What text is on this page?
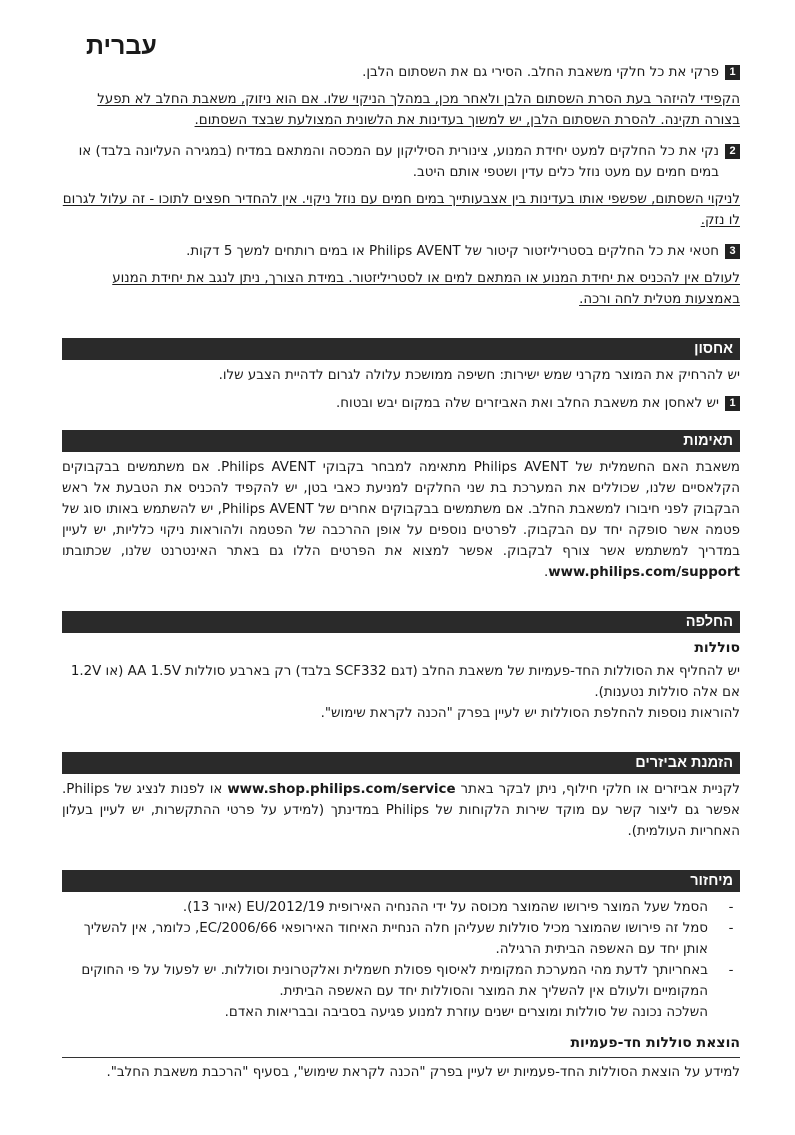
עברית
1
פרקי את כל חלקי משאבת החלב. הסירי גם את השסתום הלבן.

הקפידי להיזהר בעת הסרת השסתום הלבן ולאחר מכן, במהלך הניקוי שלו. אם הוא ניזוק, משאבת החלב לא תפעל בצורה תקינה. להסרת השסתום הלבן, יש למשוך בעדינות את הלשונית המצולעת שבצד השסתום.

2
נקי את כל החלקים למעט יחידת המנוע, צינורית הסיליקון עם המכסה והמתאם במדיח (במגירה העליונה בלבד) או במים חמים עם מעט נוזל כלים עדין ושטפי אותם היטב.

לניקוי השסתום, שפשפי אותו בעדינות בין אצבעותייך במים חמים עם נוזל ניקוי. אין להחדיר חפצים לתוכו - זה עלול לגרום לו נזק.

3
חטאי את כל החלקים בסטריליזטור קיטור של Philips AVENT או במים רותחים למשך 5 דקות.

לעולם אין להכניס את יחידת המנוע או המתאם למים או לסטריליזטור. במידת הצורך, ניתן לנגב את יחידת המנוע באמצעות מטלית לחה ורכה.

אחסון

יש להרחיק את המוצר מקרני שמש ישירות: חשיפה ממושכת עלולה לגרום לדהיית הצבע שלו.

1
יש לאחסן את משאבת החלב ואת האביזרים שלה במקום יבש ובטוח.
תאימות

משאבת האם החשמלית של Philips AVENT מתאימה למבחר בקבוקי Philips AVENT. אם משתמשים בבקבוקים הקלאסיים שלנו, שכוללים את המערכת בת שני החלקים למניעת כאבי בטן, יש להקפיד להכניס את הטבעת אל ראש הבקבוק לפני חיבורו למשאבת החלב. אם משתמשים בבקבוקים אחרים של Philips AVENT, יש להשתמש באותו סוג של פטמה אשר סופקה יחד עם הבקבוק. לפרטים נוספים על אופן ההרכבה של הפטמה ולהוראות ניקוי כלליות, יש לעיין במדריך למשתמש אשר צורף לבקבוק. אפשר למצוא את הפרטים הללו גם באתר האינטרנט שלנו, שכתובתו www.philips.com/support.

החלפה
סוללות

יש להחליף את הסוללות החד-פעמיות של משאבת החלב (דגם SCF332 בלבד) רק בארבע סוללות AA 1.5V (או 1.2V אם אלה סוללות נטענות).

להוראות נוספות להחלפת הסוללות יש לעיין בפרק "הכנה לקראת שימוש".

הזמנת אביזרים

לקניית אביזרים או חלקי חילוף, ניתן לבקר באתר www.shop.philips.com/service או לפנות לנציג של Philips. אפשר גם ליצור קשר עם מוקד שירות הלקוחות של Philips במדינתך (למידע על פרטי ההתקשרות, יש לעיין בעלון האחריות העולמית).

מיחזור
-
הסמל שעל המוצר פירושו שהמוצר מכוסה על ידי ההנחיה האירופית EU/2012/19 (איור 13).
-
סמל זה פירושו שהמוצר מכיל סוללות שעליהן חלה הנחיית האיחוד האירופאי 2006/66/EC, כלומר, אין להשליך אותן יחד עם האשפה הביתית הרגילה.
-
באחריותך לדעת מהי המערכת המקומית לאיסוף פסולת חשמלית ואלקטרונית וסוללות. יש לפעול על פי החוקים המקומיים ולעולם אין להשליך את המוצר והסוללות יחד עם האשפה הביתית.

השלכה נכונה של סוללות ומוצרים ישנים עוזרת למנוע פגיעה בסביבה ובבריאות האדם.

הוצאת סוללות חד-פעמיות

למידע על הוצאת הסוללות החד-פעמיות יש לעיין בפרק "הכנה לקראת שימוש", בסעיף "הרכבת משאבת החלב".
